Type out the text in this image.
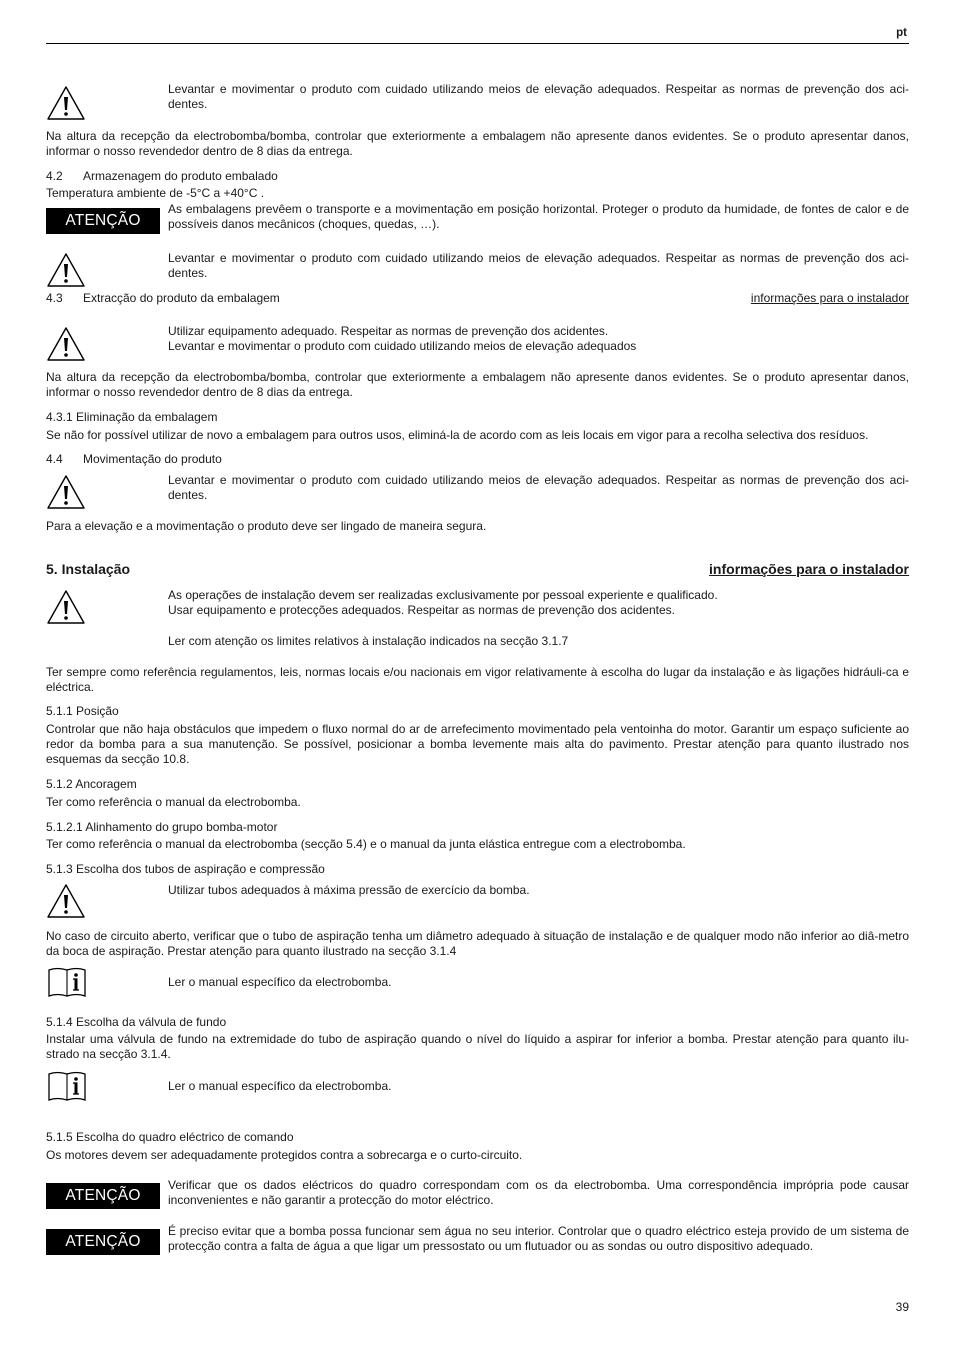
pt
Levantar e movimentar o produto com cuidado utilizando meios de elevação adequados. Respeitar as normas de prevenção dos aci-dentes.
Na altura da recepção da electrobomba/bomba, controlar que exteriormente a embalagem não apresente danos evidentes. Se o produto apresentar danos, informar o nosso revendedor dentro de 8 dias da entrega.
4.2 Armazenagem do produto embalado
Temperatura ambiente de -5°C a +40°C .
ATENÇÃO
As embalagens prevêem o transporte e a movimentação em posição horizontal. Proteger o produto da humidade, de fontes de calor e de possíveis danos mecânicos (choques, quedas, …).
Levantar e movimentar o produto com cuidado utilizando meios de elevação adequados. Respeitar as normas de prevenção dos aci-dentes.
4.3 Extracção do produto da embalagem	informações para o instalador
Utilizar equipamento adequado. Respeitar as normas de prevenção dos acidentes.
Levantar e movimentar o produto com cuidado utilizando meios de elevação adequados
Na altura da recepção da electrobomba/bomba, controlar que exteriormente a embalagem não apresente danos evidentes. Se o produto apresentar danos, informar o nosso revendedor dentro de 8 dias da entrega.
4.3.1 Eliminação da embalagem
Se não for possível utilizar de novo a embalagem para outros usos, eliminá-la de acordo com as leis locais em vigor para a recolha selectiva dos resíduos.
4.4 Movimentação do produto
Levantar e movimentar o produto com cuidado utilizando meios de elevação adequados. Respeitar as normas de prevenção dos aci-dentes.
Para a elevação e a movimentação o produto deve ser lingado de maneira segura.
5. Instalação	informações para o instalador
As operações de instalação devem ser realizadas exclusivamente por pessoal experiente e qualificado.
Usar equipamento e protecções adequados. Respeitar as normas de prevenção dos acidentes.
Ler com atenção os limites relativos à instalação indicados na secção 3.1.7
Ter sempre como referência regulamentos, leis, normas locais e/ou nacionais em vigor relativamente à escolha do lugar da instalação e às ligações hidráuli-ca e eléctrica.
5.1.1 Posição
Controlar que não haja obstáculos que impedem o fluxo normal do ar de arrefecimento movimentado pela ventoinha do motor. Garantir um espaço suficiente ao redor da bomba para a sua manutenção. Se possível, posicionar a bomba levemente mais alta do pavimento. Prestar atenção para quanto ilustrado nos esquemas da secção 10.8.
5.1.2 Ancoragem
Ter como referência o manual da electrobomba.
5.1.2.1 Alinhamento do grupo bomba-motor
Ter como referência o manual da electrobomba (secção 5.4) e o manual da junta elástica entregue com a electrobomba.
5.1.3 Escolha dos tubos de aspiração e compressão
Utilizar tubos adequados à máxima pressão de exercício da bomba.
No caso de circuito aberto, verificar que o tubo de aspiração tenha um diâmetro adequado à situação de instalação e de qualquer modo não inferior ao diâ-metro da boca de aspiração. Prestar atenção para quanto ilustrado na secção 3.1.4
Ler o manual específico da electrobomba.
5.1.4 Escolha da válvula de fundo
Instalar uma válvula de fundo na extremidade do tubo de aspiração quando o nível do líquido a aspirar for inferior a bomba. Prestar atenção para quanto ilu-strado na secção 3.1.4.
Ler o manual específico da electrobomba.
5.1.5 Escolha do quadro eléctrico de comando
Os motores devem ser adequadamente protegidos contra a sobrecarga e o curto-circuito.
ATENÇÃO
Verificar que os dados eléctricos do quadro correspondam com os da electrobomba. Uma correspondência imprópria pode causar inconvenientes e não garantir a protecção do motor eléctrico.
ATENÇÃO
É preciso evitar que a bomba possa funcionar sem água no seu interior. Controlar que o quadro eléctrico esteja provido de um sistema de protecção contra a falta de água a que ligar um pressostato ou um flutuador ou as sondas ou outro dispositivo adequado.
39
